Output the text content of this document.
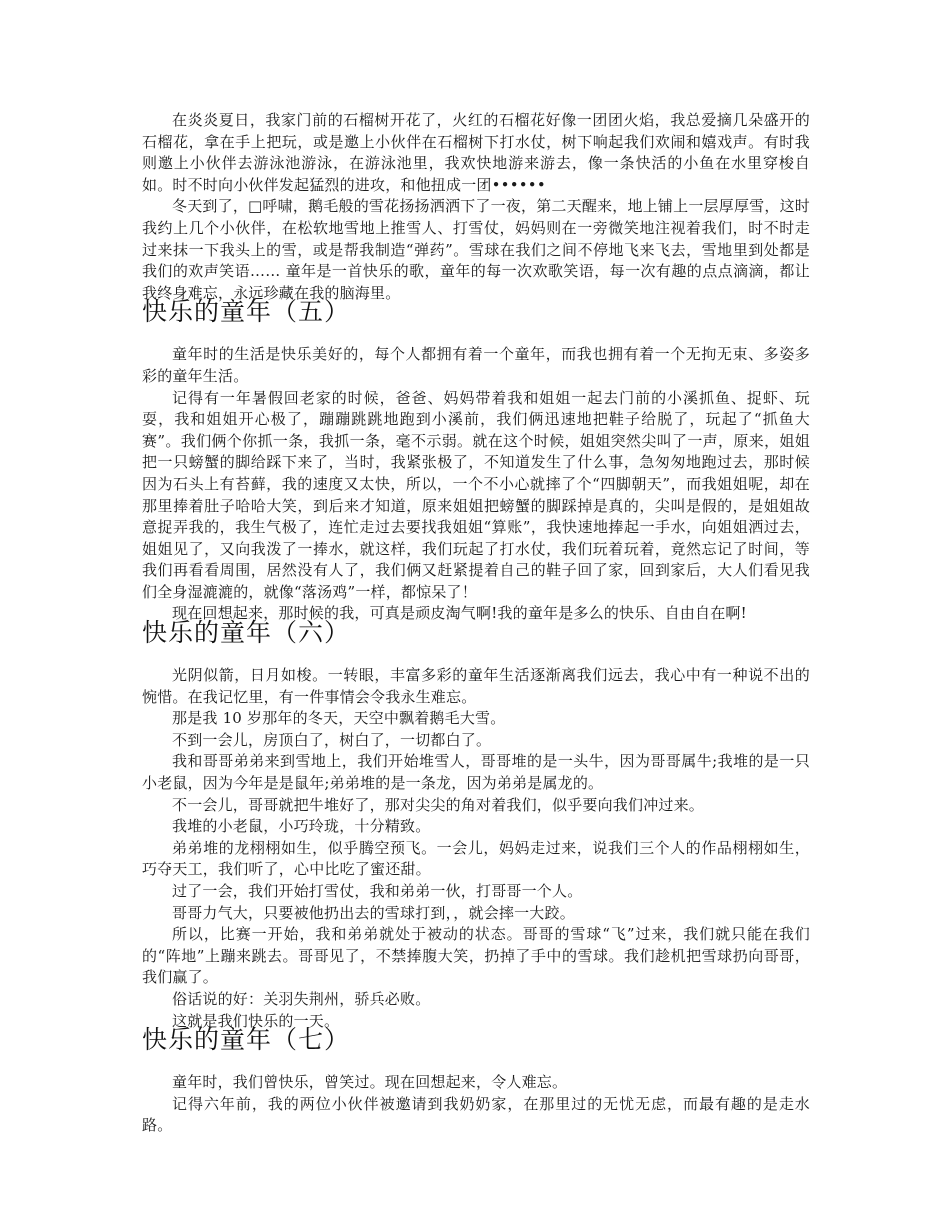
在炎炎夏日，我家门前的石榴树开花了，火红的石榴花好像一团团火焰，我总爱摘几朵盛开的石榴花，拿在手上把玩，或是邀上小伙伴在石榴树下打水仗，树下响起我们欢闹和嬉戏声。有时我则邀上小伙伴去游泳池游泳，在游泳池里，我欢快地游来游去，像一条快活的小鱼在水里穿梭自如。时不时向小伙伴发起猛烈的进攻，和他扭成一团••••••

冬天到了，□呼啸，鹅毛般的雪花扬扬洒洒下了一夜，第二天醒来，地上铺上一层厚厚雪，这时我约上几个小伙伴，在松软地雪地上推雪人、打雪仗，妈妈则在一旁微笑地注视着我们，时不时走过来抹一下我头上的雪，或是帮我制造“弹药”。雪球在我们之间不停地飞来飞去，雪地里到处都是我们的欢声笑语…… 童年是一首快乐的歌，童年的每一次欢歌笑语，每一次有趣的点点滴滴，都让我终身难忘，永远珍藏在我的脑海里。

快乐的童年（五）

童年时的生活是快乐美好的，每个人都拥有着一个童年，而我也拥有着一个无拘无束、多姿多彩的童年生活。

记得有一年暑假回老家的时候，爸爸、妈妈带着我和姐姐一起去门前的小溪抓鱼、捉虾、玩耍，我和姐姐开心极了，蹦蹦跳跳地跑到小溪前，我们俩迅速地把鞋子给脱了，玩起了“抓鱼大赛”。我们俩个你抓一条，我抓一条，毫不示弱。就在这个时候，姐姐突然尖叫了一声，原来，姐姐把一只螃蟹的脚给踩下来了，当时，我紧张极了，不知道发生了什么事，急匆匆地跑过去，那时候因为石头上有苔藓，我的速度又太快，所以，一个不小心就摔了个“四脚朝天”，而我姐姐呢，却在那里捧着肚子哈哈大笑，到后来才知道，原来姐姐把螃蟹的脚踩掉是真的，尖叫是假的，是姐姐故意捉弄我的，我生气极了，连忙走过去要找我姐姐“算账”，我快速地捧起一手水，向姐姐洒过去，姐姐见了，又向我泼了一捧水，就这样，我们玩起了打水仗，我们玩着玩着，竟然忘记了时间，等我们再看看周围，居然没有人了，我们俩又赶紧提着自己的鞋子回了家，回到家后，大人们看见我们全身湿漉漉的，就像“落汤鸡”一样，都惊呆了！

现在回想起来，那时候的我，可真是顽皮淘气啊!我的童年是多么的快乐、自由自在啊!

快乐的童年（六）

光阴似箭，日月如梭。一转眼，丰富多彩的童年生活逐渐离我们远去，我心中有一种说不出的惋惜。在我记忆里，有一件事情会令我永生难忘。

那是我 10 岁那年的冬天，天空中飘着鹅毛大雪。

不到一会儿，房顶白了，树白了，一切都白了。

我和哥哥弟弟来到雪地上，我们开始堆雪人，哥哥堆的是一头牛，因为哥哥属牛;我堆的是一只小老鼠，因为今年是是鼠年;弟弟堆的是一条龙，因为弟弟是属龙的。

不一会儿，哥哥就把牛堆好了，那对尖尖的角对着我们，似乎要向我们冲过来。

我堆的小老鼠，小巧玲珑，十分精致。

弟弟堆的龙栩栩如生，似乎腾空预飞。一会儿，妈妈走过来，说我们三个人的作品栩栩如生，巧夺天工，我们听了，心中比吃了蜜还甜。

过了一会，我们开始打雪仗，我和弟弟一伙，打哥哥一个人。

哥哥力气大，只要被他扔出去的雪球打到，，就会摔一大跤。

所以，比赛一开始，我和弟弟就处于被动的状态。哥哥的雪球“飞”过来，我们就只能在我们的“阵地”上蹦来跳去。哥哥见了，不禁捧腹大笑，扔掉了手中的雪球。我们趁机把雪球扔向哥哥，我们赢了。

俗话说的好：关羽失荆州，骄兵必败。

这就是我们快乐的一天。

快乐的童年（七）

童年时，我们曾快乐，曾笑过。现在回想起来，令人难忘。

记得六年前，我的两位小伙伴被邀请到我奶奶家，在那里过的无忧无虑，而最有趣的是走水路。
